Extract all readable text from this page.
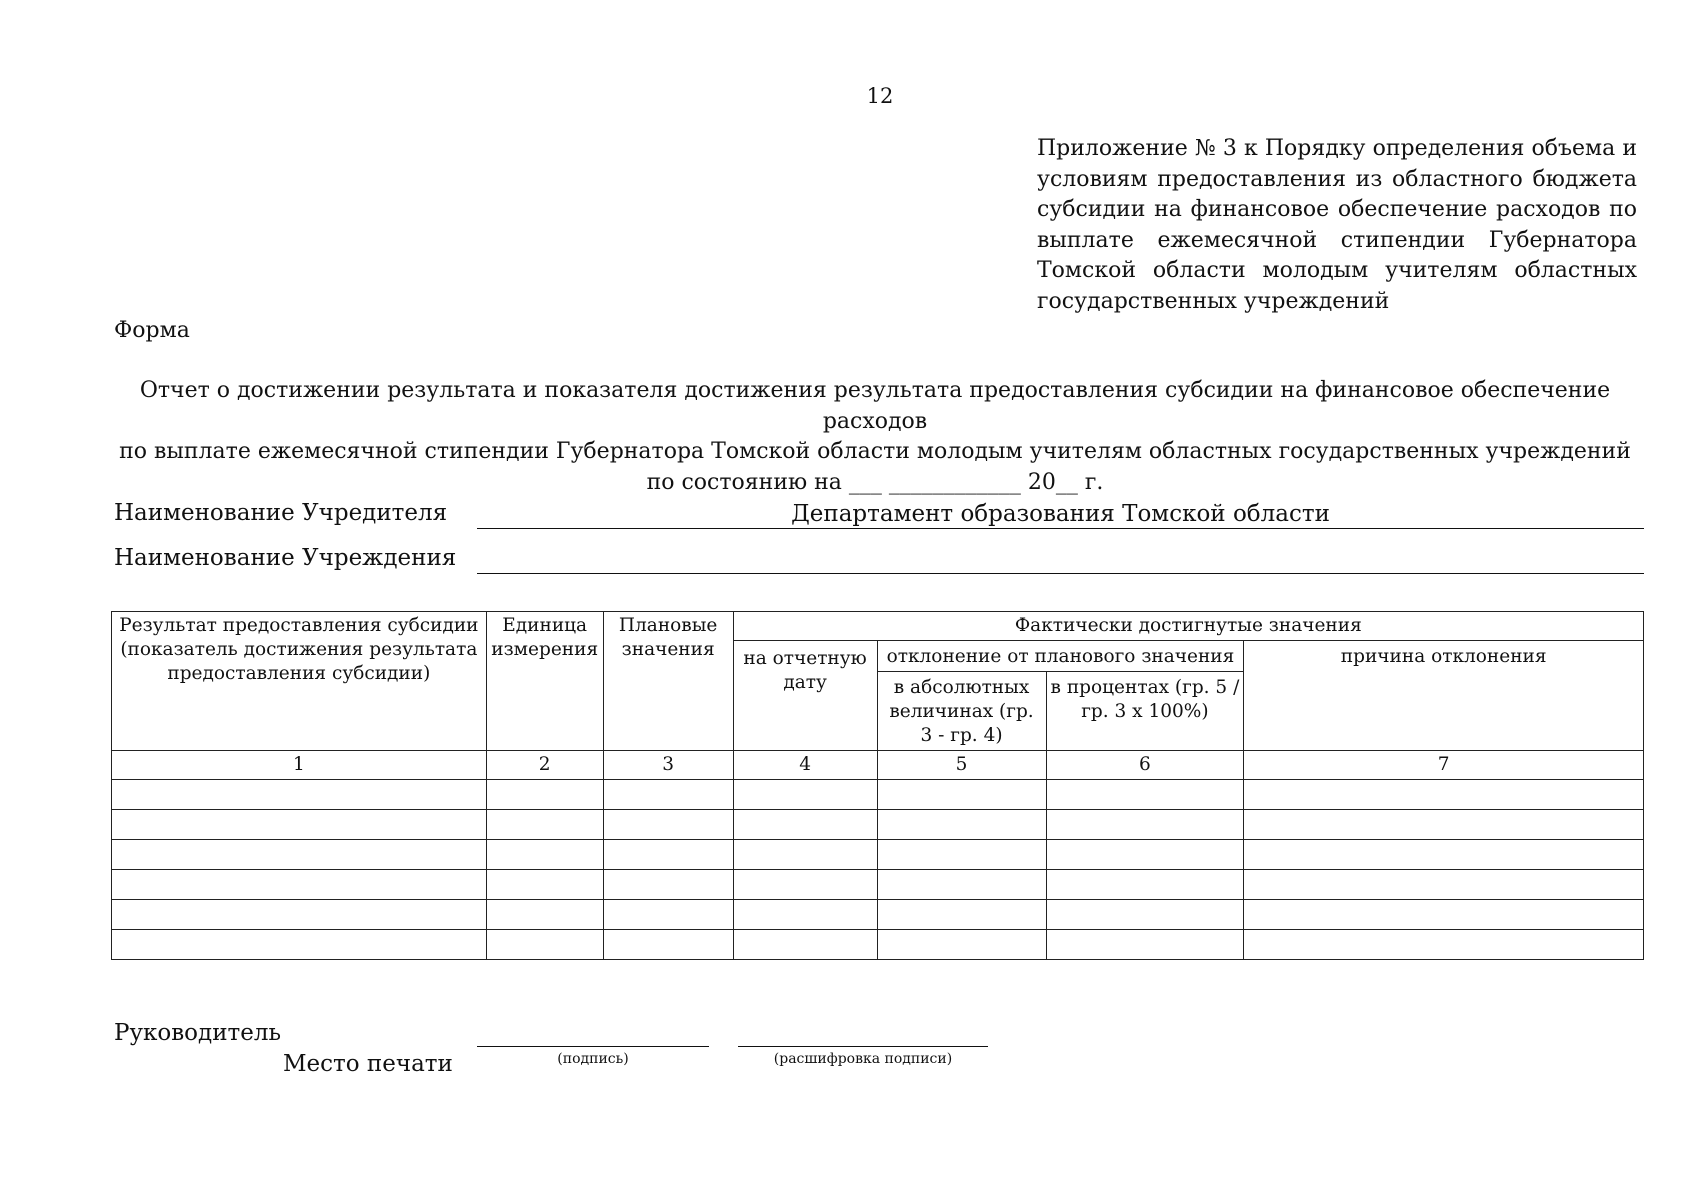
12
Приложение № 3 к Порядку определения объема и условиям предоставления из областного бюджета субсидии на финансовое обеспечение расходов по выплате ежемесячной стипендии Губернатора Томской области молодым учителям областных государственных учреждений
Форма
Отчет о достижении результата и показателя достижения результата предоставления субсидии на финансовое обеспечение расходов
по выплате ежемесячной стипендии Губернатора Томской области молодым учителям областных государственных учреждений
по состоянию на ___ ____________ 20__ г.
Наименование Учредителя	Департамент образования Томской области
Наименование Учреждения
Результат предоставления субсидии (показатель достижения результата предоставления субсидии)	Единица измерения	Плановые значения	Фактически достигнутые значения			
			на отчетную дату	отклонение от планового значения		причина отклонения
				в абсолютных величинах (гр. 3 - гр. 4)	в процентах (гр. 5 / гр. 3 х 100%)	
1	2	3	4	5	6	7

Руководитель
Место печати	(подпись)	(расшифровка подписи)
